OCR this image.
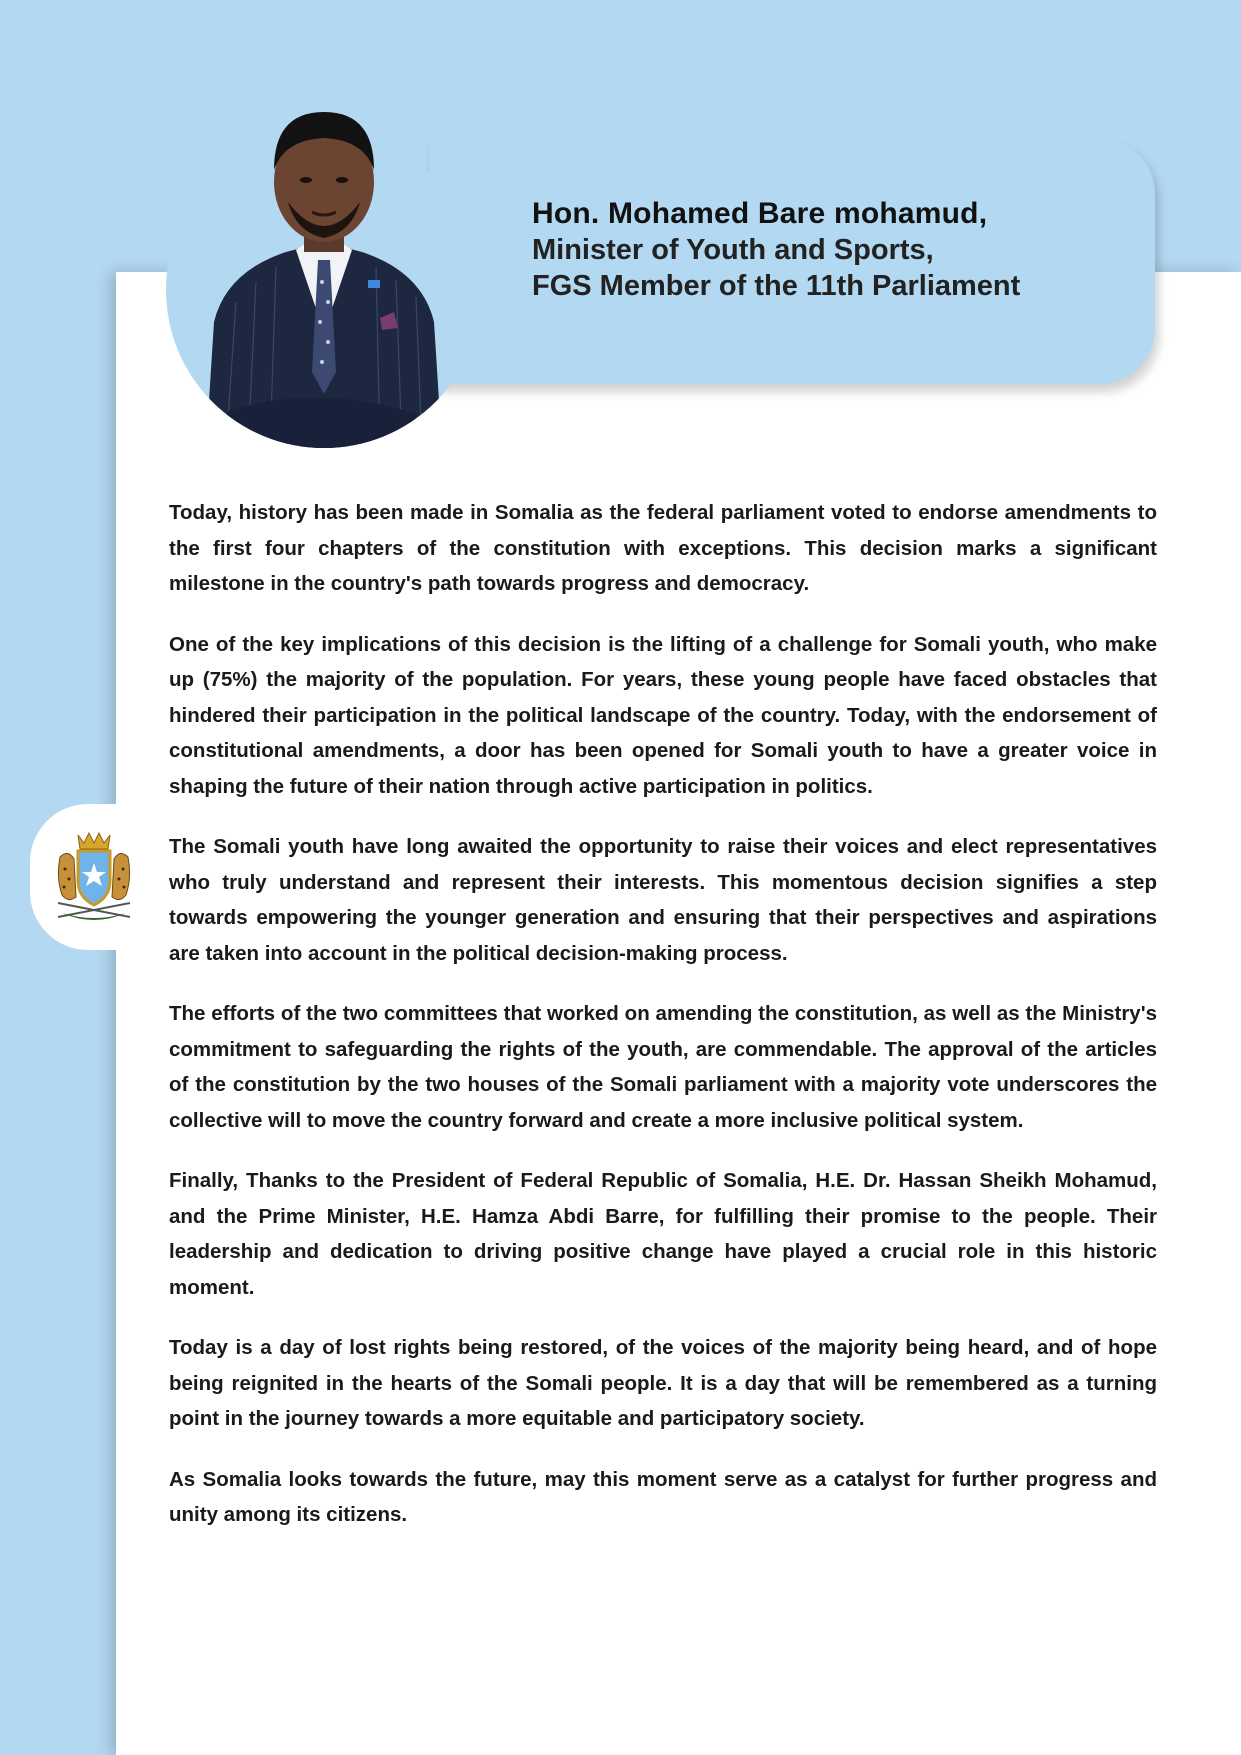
Hon. Mohamed Bare mohamud,
Minister of Youth and Sports,
FGS Member of the 11th Parliament

Today, history has been made in Somalia as the federal parliament voted to endorse amendments to the first four chapters of the constitution with exceptions. This decision marks a significant milestone in the country's path towards progress and democracy.

One of the key implications of this decision is the lifting of a challenge for Somali youth, who make up (75%) the majority of the population. For years, these young people have faced obstacles that hindered their participation in the political landscape of the country. Today, with the endorsement of constitutional amendments, a door has been opened for Somali youth to have a greater voice in shaping the future of their nation through active participation in politics.

The Somali youth have long awaited the opportunity to raise their voices and elect representatives who truly understand and represent their interests. This momentous decision signifies a step towards empowering the younger generation and ensuring that their perspectives and aspirations are taken into account in the political decision-making process.

The efforts of the two committees that worked on amending the constitution, as well as the Ministry's commitment to safeguarding the rights of the youth, are commendable. The approval of the articles of the constitution by the two houses of the Somali parliament with a majority vote underscores the collective will to move the country forward and create a more inclusive political system.

Finally, Thanks to the President of Federal Republic of Somalia, H.E. Dr. Hassan Sheikh Mohamud, and the Prime Minister, H.E. Hamza Abdi Barre, for fulfilling their promise to the people. Their leadership and dedication to driving positive change have played a crucial role in this historic moment.

Today is a day of lost rights being restored, of the voices of the majority being heard, and of hope being reignited in the hearts of the Somali people. It is a day that will be remembered as a turning point in the journey towards a more equitable and participatory society.

As Somalia looks towards the future, may this moment serve as a catalyst for further progress and unity among its citizens.
